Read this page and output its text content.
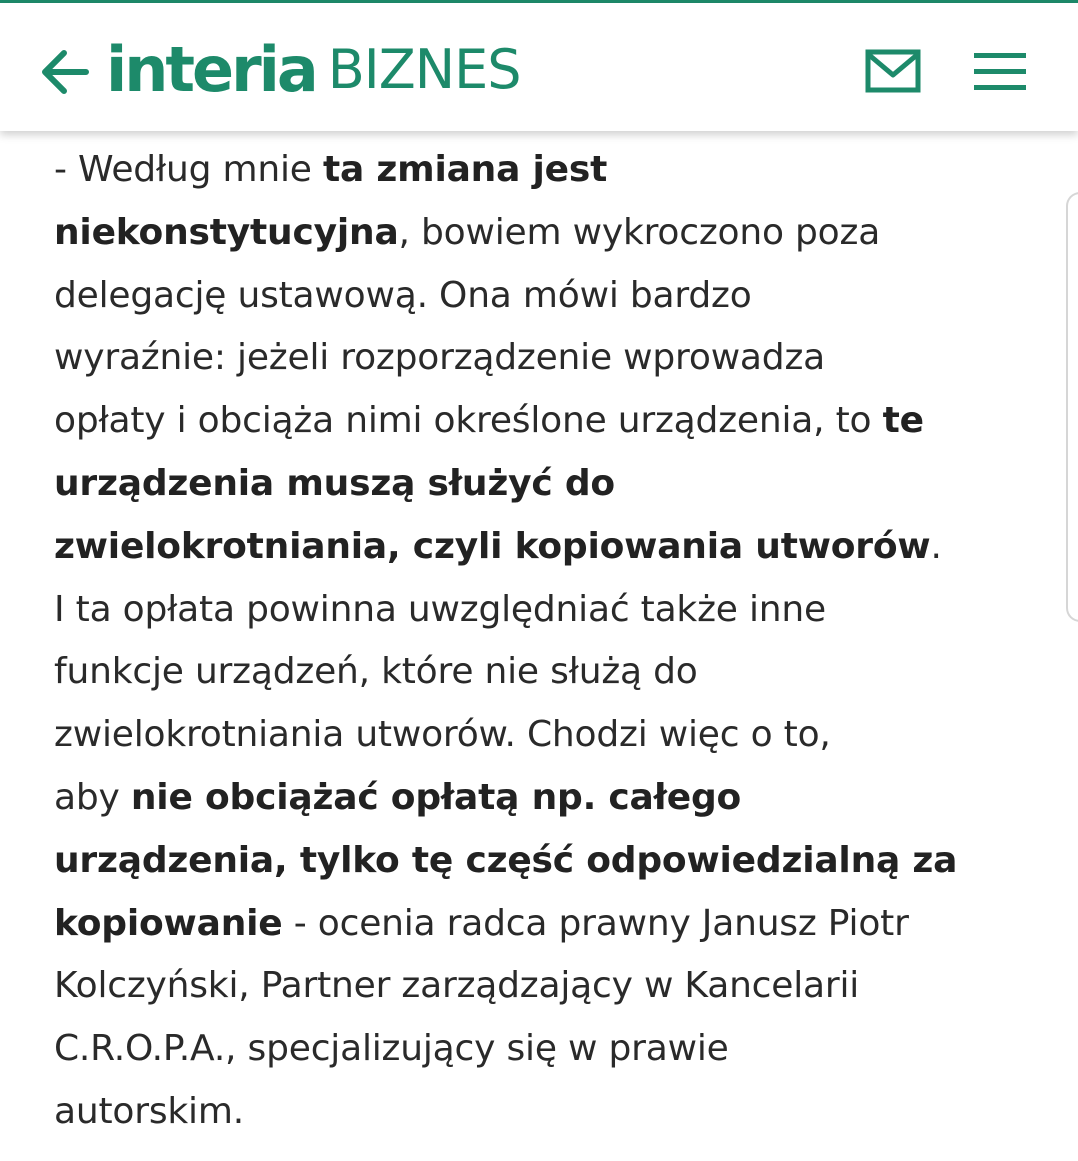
- Według mnie ta zmiana jest
niekonstytucyjna, bowiem wykroczono poza
delegację ustawową. Ona mówi bardzo
wyraźnie: jeżeli rozporządzenie wprowadza
opłaty i obciąża nimi określone urządzenia, to te
urządzenia muszą służyć do
zwielokrotniania, czyli kopiowania utworów.
I ta opłata powinna uwzględniać także inne
funkcje urządzeń, które nie służą do
zwielokrotniania utworów. Chodzi więc o to,
aby nie obciążać opłatą np. całego
urządzenia, tylko tę część odpowiedzialną za
kopiowanie - ocenia radca prawny Janusz Piotr
Kolczyński, Partner zarządzający w Kancelarii
C.R.O.P.A., specjalizujący się w prawie
autorskim.
interia BIZNES
